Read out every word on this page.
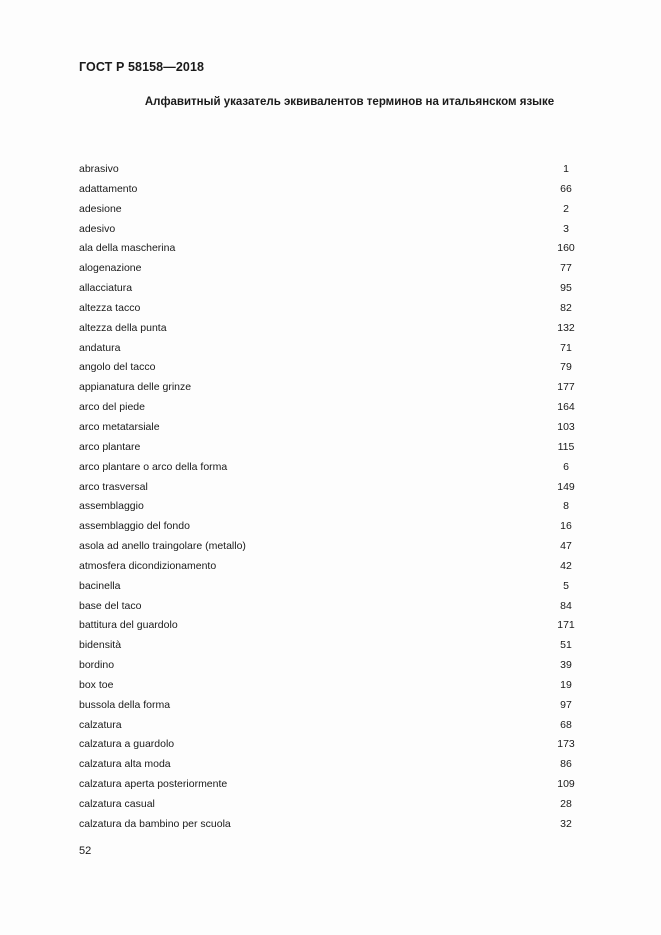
ГОСТ Р 58158—2018
Алфавитный указатель эквивалентов терминов на итальянском языке
abrasivo	1
adattamento	66
adesione	2
adesivo	3
ala della mascherina	160
alogenazione	77
allacciatura	95
altezza tacco	82
altezza della punta	132
andatura	71
angolo del tacco	79
appianatura delle grinze	177
arco del piede	164
arco metatarsiale	103
arco plantare	115
arco plantare o arco della forma	6
arco trasversal	149
assemblaggio	8
assemblaggio del fondo	16
asola ad anello traingolare (metallo)	47
atmosfera dicondizionamento	42
bacinella	5
base del taco	84
battitura del guardolo	171
bidensità	51
bordino	39
box toe	19
bussola della forma	97
calzatura	68
calzatura a guardolo	173
calzatura alta moda	86
calzatura aperta posteriormente	109
calzatura casual	28
calzatura da bambino per scuola	32
52
